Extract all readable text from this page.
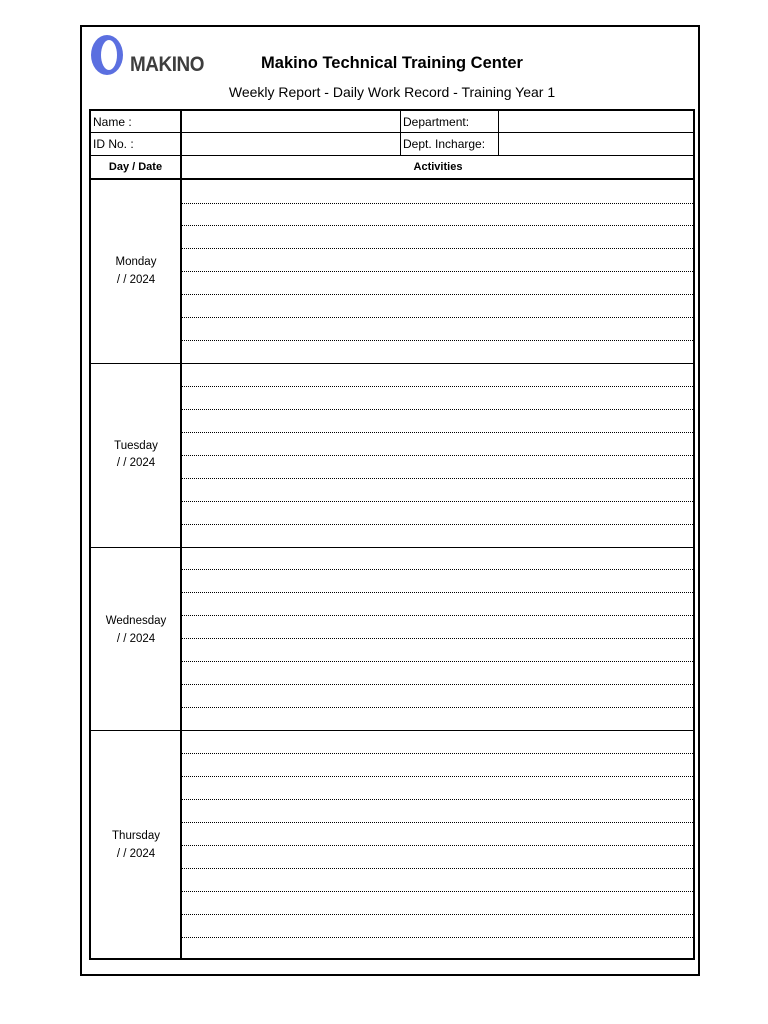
MAKINO	Makino Technical Training Center
Weekly Report - Daily Work Record - Training Year 1
Name :	Department:
ID No. :	Dept. Incharge:
Day / Date	Activities
Monday
/ / 2024
Tuesday
/ / 2024
Wednesday
/ / 2024
Thursday
/ / 2024
